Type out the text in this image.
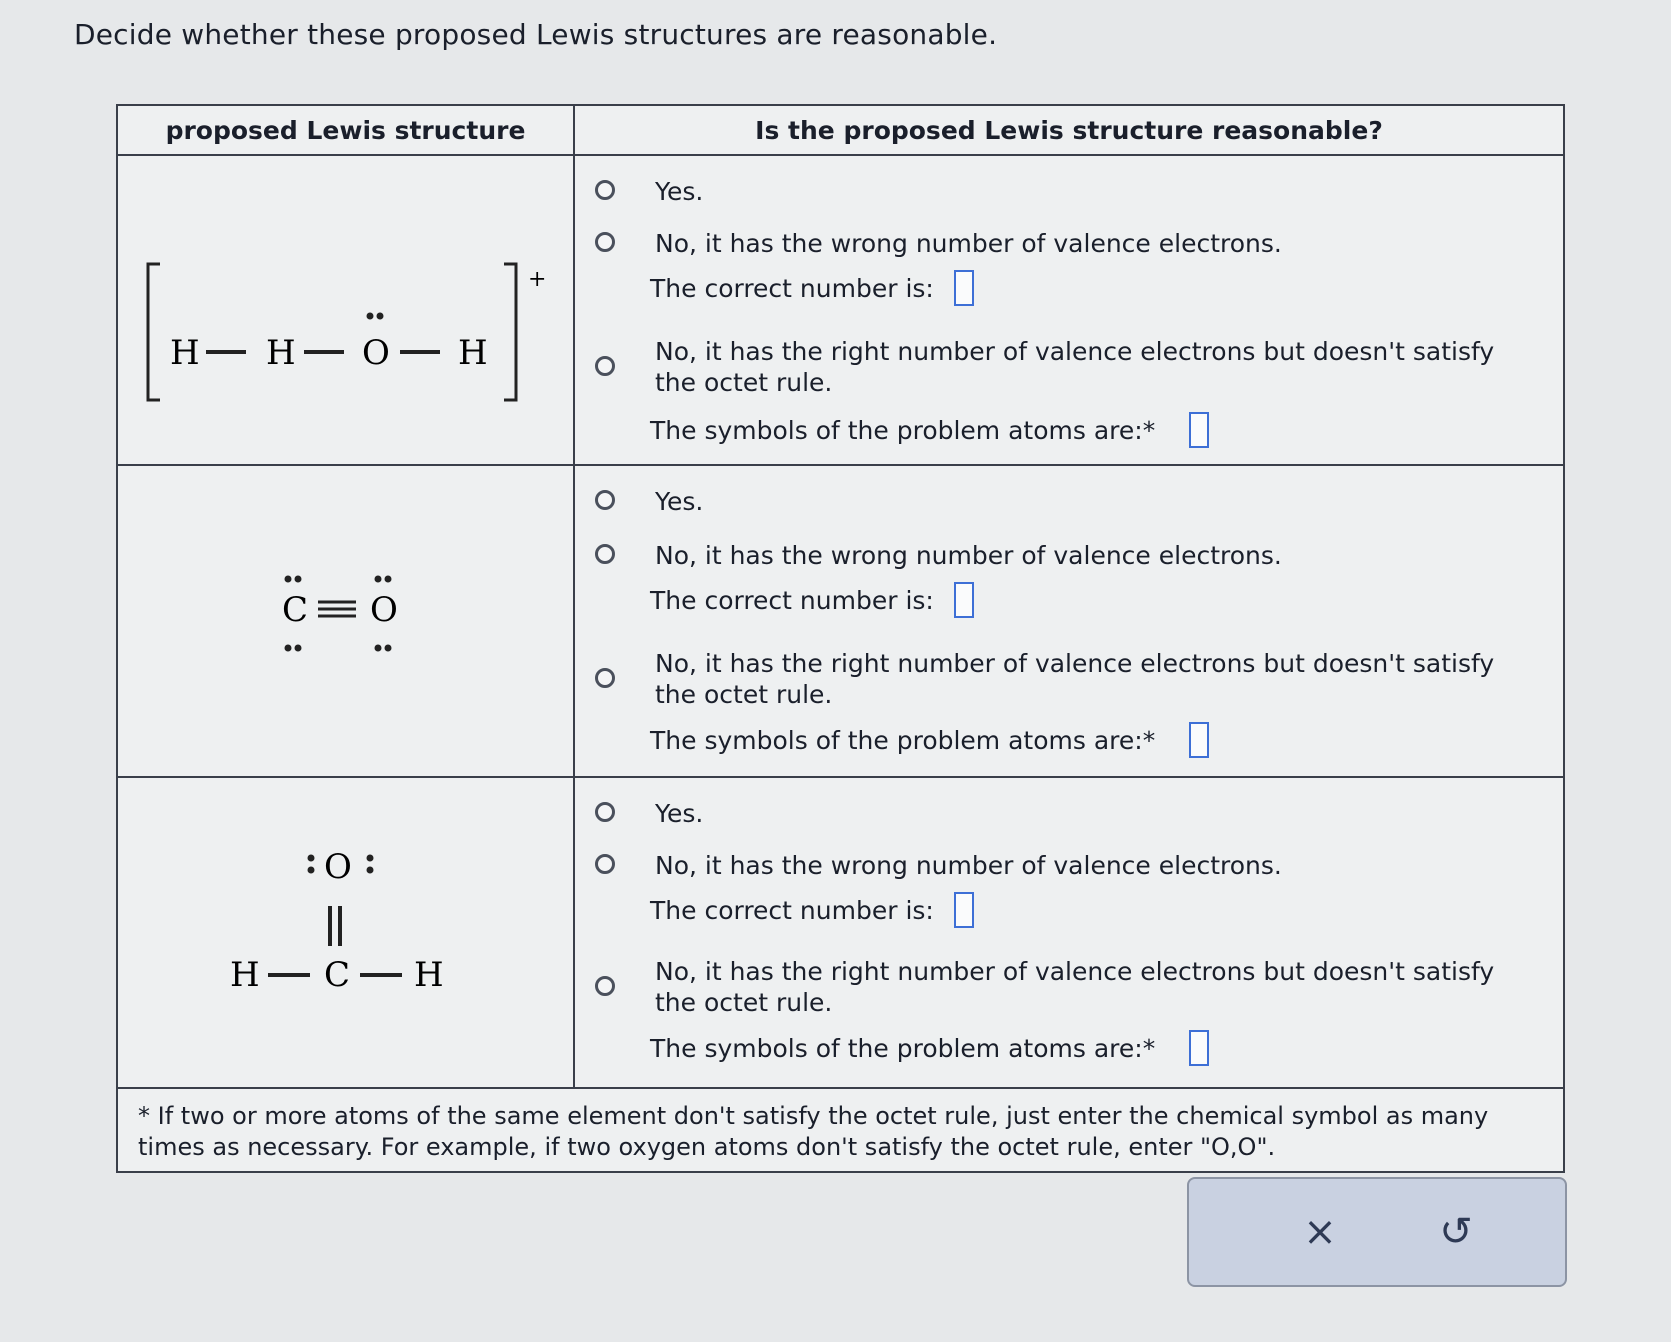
Decide whether these proposed Lewis structures are reasonable.
proposed Lewis structure	Is the proposed Lewis structure reasonable?
+
H H O H
Yes.
No, it has the wrong number of valence electrons.
The correct number is:
No, it has the right number of valence electrons but doesn't satisfy the octet rule.
The symbols of the problem atoms are:*
C O
Yes.
No, it has the wrong number of valence electrons.
The correct number is:
No, it has the right number of valence electrons but doesn't satisfy the octet rule.
The symbols of the problem atoms are:*
O
H C H
Yes.
No, it has the wrong number of valence electrons.
The correct number is:
No, it has the right number of valence electrons but doesn't satisfy the octet rule.
The symbols of the problem atoms are:*
* If two or more atoms of the same element don't satisfy the octet rule, just enter the chemical symbol as many times as necessary. For example, if two oxygen atoms don't satisfy the octet rule, enter "O,O".
×	↺
